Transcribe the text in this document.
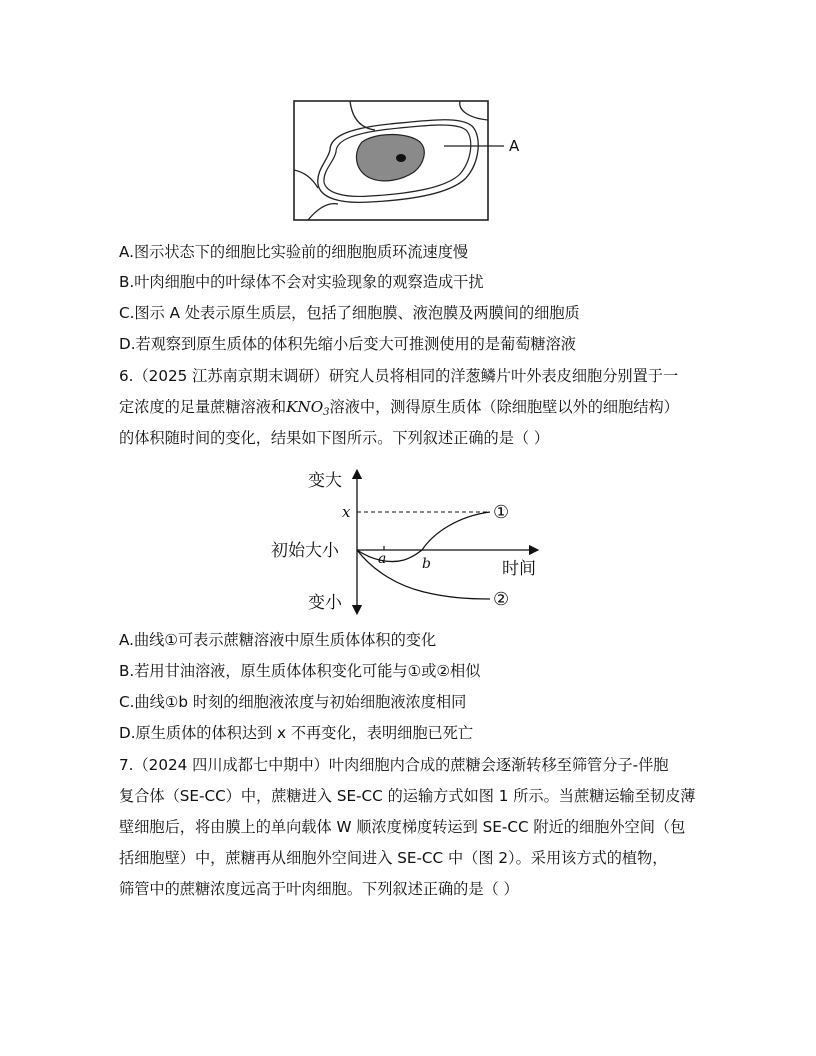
A
A.图示状态下的细胞比实验前的细胞胞质环流速度慢
B.叶肉细胞中的叶绿体不会对实验现象的观察造成干扰
C.图示 A 处表示原生质层，包括了细胞膜、液泡膜及两膜间的细胞质
D.若观察到原生质体的体积先缩小后变大可推测使用的是葡萄糖溶液
6.（2025 江苏南京期末调研）研究人员将相同的洋葱鳞片叶外表皮细胞分别置于一
定浓度的足量蔗糖溶液和$KNO_3$溶液中，测得原生质体（除细胞壁以外的细胞结构）
的体积随时间的变化，结果如下图所示。下列叙述正确的是（ ）
变大
变小
初始大小
时间
x
a	b
①
②
A.曲线①可表示蔗糖溶液中原生质体体积的变化
B.若用甘油溶液，原生质体体积变化可能与①或②相似
C.曲线①b 时刻的细胞液浓度与初始细胞液浓度相同
D.原生质体的体积达到 x 不再变化，表明细胞已死亡
7.（2024 四川成都七中期中）叶肉细胞内合成的蔗糖会逐渐转移至筛管分子-伴胞
复合体（SE-CC）中，蔗糖进入 SE-CC 的运输方式如图 1 所示。当蔗糖运输至韧皮薄
壁细胞后，将由膜上的单向载体 W 顺浓度梯度转运到 SE-CC 附近的细胞外空间（包
括细胞壁）中，蔗糖再从细胞外空间进入 SE-CC 中（图 2）。采用该方式的植物，
筛管中的蔗糖浓度远高于叶肉细胞。下列叙述正确的是（ ）
